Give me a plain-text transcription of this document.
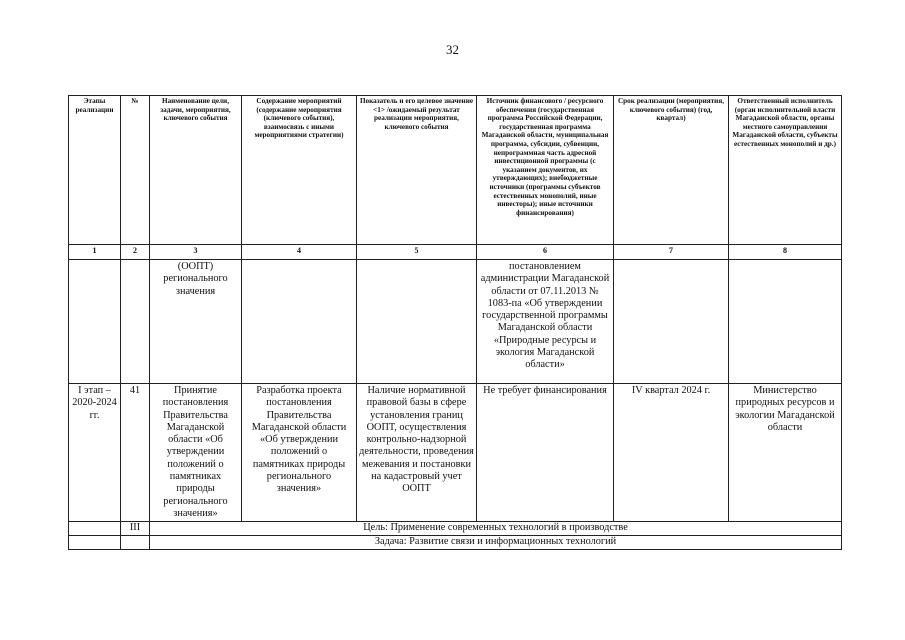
32
Этапы реализации	№	Наименование цели, задачи, мероприятия, ключевого события	Содержание мероприятий (содержание мероприятия (ключевого события), взаимосвязь с иными мероприятиями стратегии)	Показатель и его целевое значение <1> /ожидаемый результат реализации мероприятия, ключевого события	Источник финансового / ресурсного обеспечения (государственная программа Российской Федерации, государственная программа Магаданской области, муниципальная программа, субсидии, субвенции, непрограммная часть адресной инвестиционной программы (с указанием документов, их утверждающих); внебюджетные источники (программы субъектов естественных монополий, иные инвесторы); иные источники финансирования)	Срок реализации (мероприятия, ключевого события) (год, квартал)	Ответственный исполнитель (орган исполнительной власти Магаданской области, органы местного самоуправления Магаданской области, субъекты естественных монополий и др.)
1	2	3	4	5	6	7	8
		(ООПТ) регионального значения			постановлением администрации Магаданской области от 07.11.2013 № 1083-па «Об утверждении государственной программы Магаданской области «Природные ресурсы и экология Магаданской области»		
I этап – 2020-2024 гг.	41	Принятие постановления Правительства Магаданской области «Об утверждении положений о памятниках природы регионального значения»	Разработка проекта постановления Правительства Магаданской области «Об утверждении положений о памятниках природы регионального значения»	Наличие нормативной правовой базы в сфере установления границ ООПТ, осуществления контрольно-надзорной деятельности, проведения межевания и постановки на кадастровый учет ООПТ	Не требует финансирования	IV квартал 2024 г.	Министерство природных ресурсов и экологии Магаданской области
	III	Цель: Применение современных технологий в производстве					
		Задача: Развитие связи и информационных технологий					
